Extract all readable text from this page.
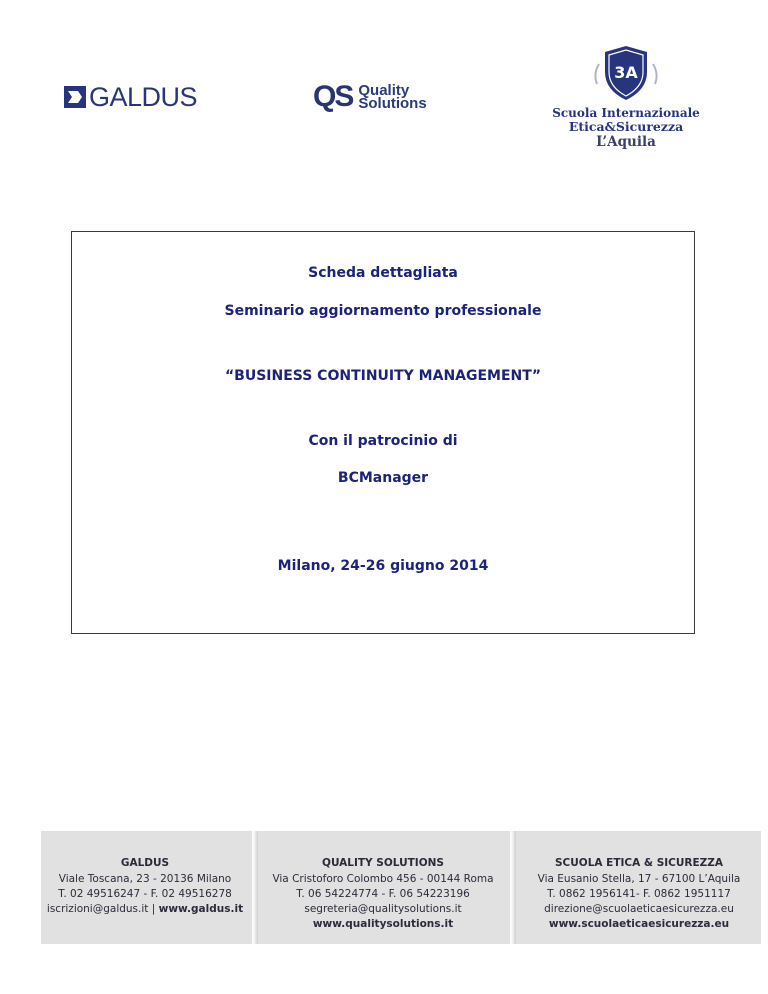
GALDUS	QS Quality
Solutions
3A
Scuola Internazionale
Etica&Sicurezza
L’Aquila
Scheda dettagliata
Seminario aggiornamento professionale
“BUSINESS CONTINUITY MANAGEMENT”
Con il patrocinio di
BCManager
Milano, 24-26 giugno 2014
GALDUS
Viale Toscana, 23 - 20136 Milano
T. 02 49516247 - F. 02 49516278
iscrizioni@galdus.it | www.galdus.it
QUALITY SOLUTIONS
Via Cristoforo Colombo 456 - 00144 Roma
T. 06 54224774 - F. 06 54223196
segreteria@qualitysolutions.it
www.qualitysolutions.it
SCUOLA ETICA & SICUREZZA
Via Eusanio Stella, 17 - 67100 L’Aquila
T. 0862 1956141- F. 0862 1951117
direzione@scuolaeticaesicurezza.eu
www.scuolaeticaesicurezza.eu
